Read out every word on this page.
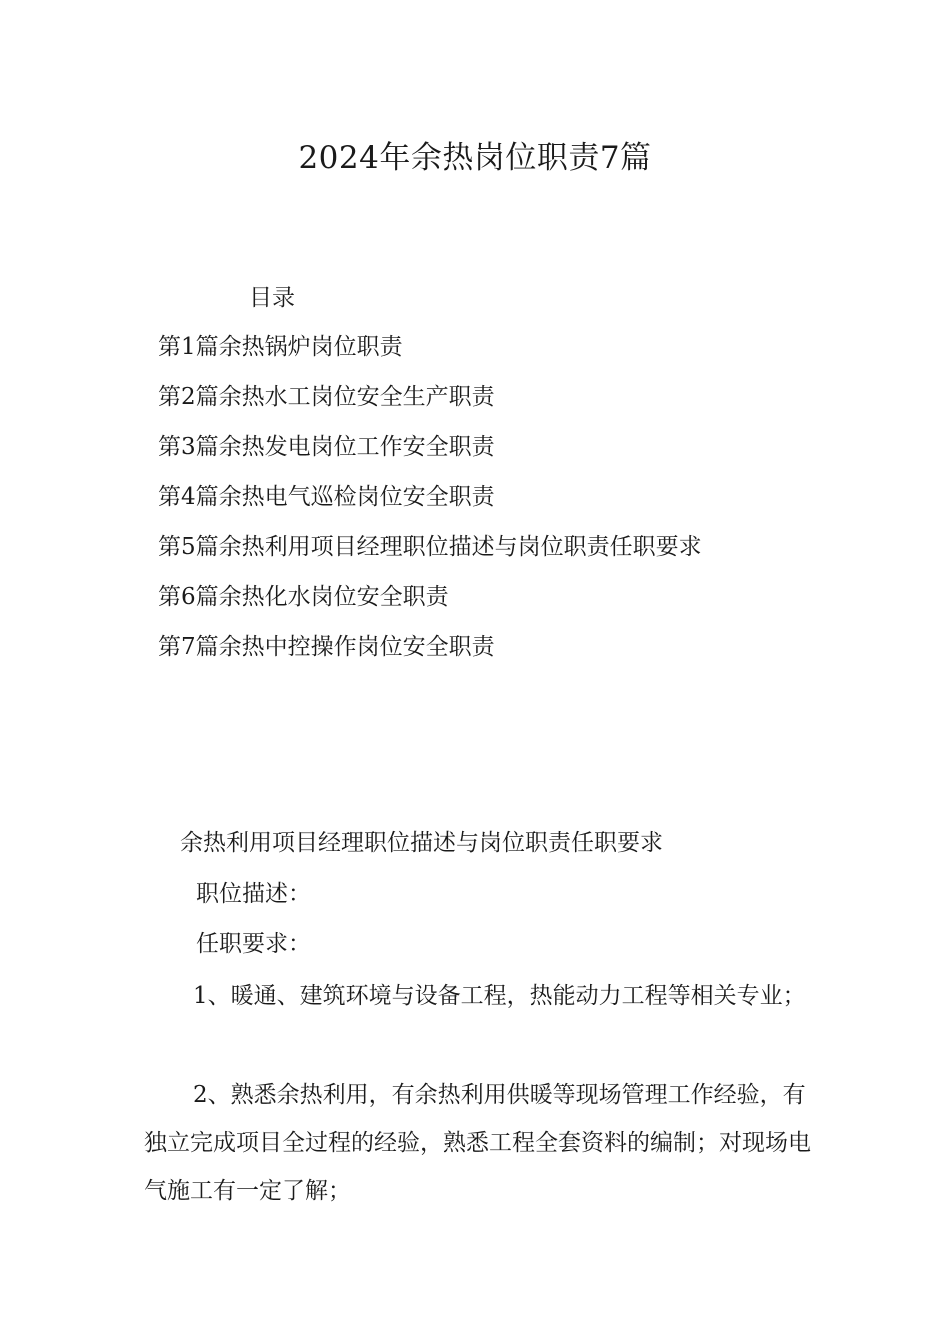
2024年余热岗位职责7篇
目录
第1篇余热锅炉岗位职责
第2篇余热水工岗位安全生产职责
第3篇余热发电岗位工作安全职责
第4篇余热电气巡检岗位安全职责
第5篇余热利用项目经理职位描述与岗位职责任职要求
第6篇余热化水岗位安全职责
第7篇余热中控操作岗位安全职责
余热利用项目经理职位描述与岗位职责任职要求
职位描述：
任职要求：

1、暖通、建筑环境与设备工程，热能动力工程等相关专业；

2、熟悉余热利用，有余热利用供暖等现场管理工作经验，有独立完成项目全过程的经验，熟悉工程全套资料的编制；对现场电气施工有一定了解；
